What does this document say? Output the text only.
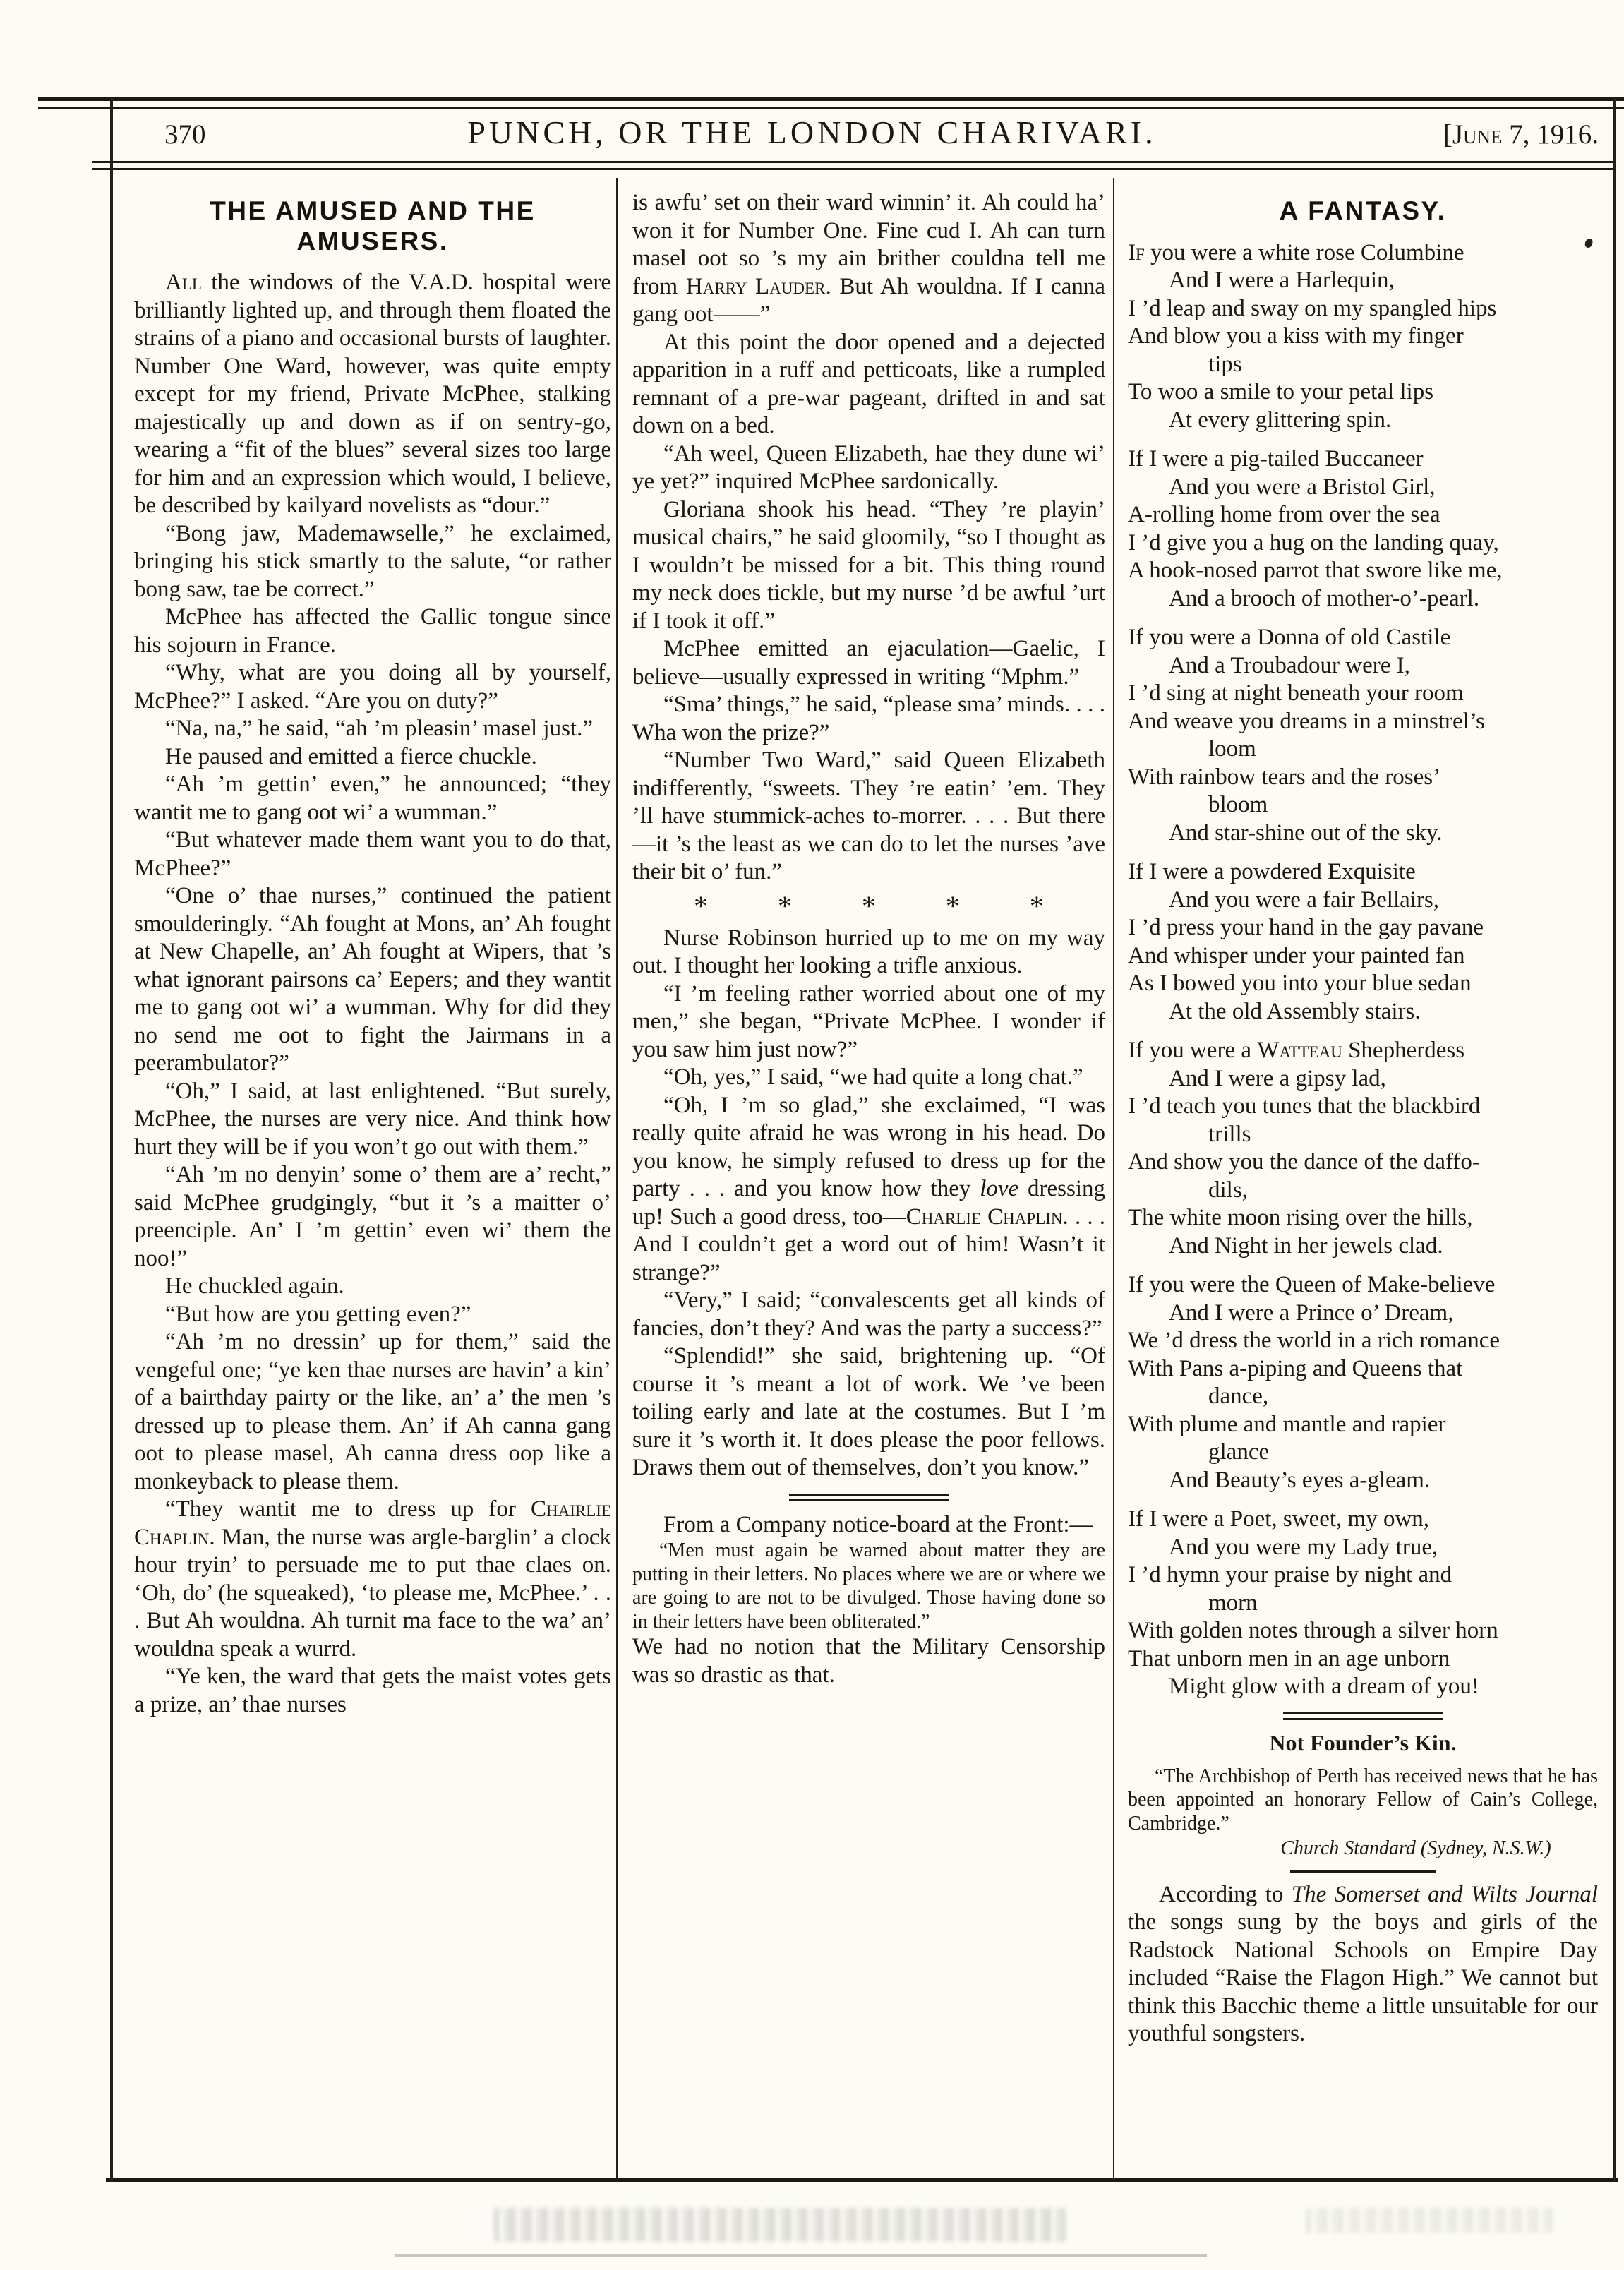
370	PUNCH, OR THE LONDON CHARIVARI.	[June 7, 1916.
THE AMUSED AND THE AMUSERS.

All the windows of the V.A.D. hospital were brilliantly lighted up, and through them floated the strains of a piano and occasional bursts of laughter. Number One Ward, however, was quite empty except for my friend, Private McPhee, stalking majestically up and down as if on sentry-go, wearing a “fit of the blues” several sizes too large for him and an expression which would, I believe, be described by kailyard novelists as “dour.”

“Bong jaw, Mademawselle,” he exclaimed, bringing his stick smartly to the salute, “or rather bong saw, tae be correct.”

McPhee has affected the Gallic tongue since his sojourn in France.

“Why, what are you doing all by yourself, McPhee?” I asked. “Are you on duty?”

“Na, na,” he said, “ah ’m pleasin’ masel just.”

He paused and emitted a fierce chuckle.

“Ah ’m gettin’ even,” he announced; “they wantit me to gang oot wi’ a wumman.”

“But whatever made them want you to do that, McPhee?”

“One o’ thae nurses,” continued the patient smoulderingly. “Ah fought at Mons, an’ Ah fought at New Chapelle, an’ Ah fought at Wipers, that ’s what ignorant pairsons ca’ Eepers; and they wantit me to gang oot wi’ a wumman. Why for did they no send me oot to fight the Jairmans in a peerambulator?”

“Oh,” I said, at last enlightened. “But surely, McPhee, the nurses are very nice. And think how hurt they will be if you won’t go out with them.”

“Ah ’m no denyin’ some o’ them are a’ recht,” said McPhee grudgingly, “but it ’s a maitter o’ preenciple. An’ I ’m gettin’ even wi’ them the noo!”

He chuckled again.

“But how are you getting even?”

“Ah ’m no dressin’ up for them,” said the vengeful one; “ye ken thae nurses are havin’ a kin’ of a bairthday pairty or the like, an’ a’ the men ’s dressed up to please them. An’ if Ah canna gang oot to please masel, Ah canna dress oop like a monkeyback to please them.

“They wantit me to dress up for Chairlie Chaplin. Man, the nurse was argle-barglin’ a clock hour tryin’ to persuade me to put thae claes on. ‘Oh, do’ (he squeaked), ‘to please me, McPhee.’ . . . But Ah wouldna. Ah turnit ma face to the wa’ an’ wouldna speak a wurrd.

“Ye ken, the ward that gets the maist votes gets a prize, an’ thae nurses

is awfu’ set on their ward winnin’ it. Ah could ha’ won it for Number One. Fine cud I. Ah can turn masel oot so ’s my ain brither couldna tell me from Harry Lauder. But Ah wouldna. If I canna gang oot——”

At this point the door opened and a dejected apparition in a ruff and petticoats, like a rumpled remnant of a pre-war pageant, drifted in and sat down on a bed.

“Ah weel, Queen Elizabeth, hae they dune wi’ ye yet?” inquired McPhee sardonically.

Gloriana shook his head. “They ’re playin’ musical chairs,” he said gloomily, “so I thought as I wouldn’t be missed for a bit. This thing round my neck does tickle, but my nurse ’d be awful ’urt if I took it off.”

McPhee emitted an ejaculation—Gaelic, I believe—usually expressed in writing “Mphm.”

“Sma’ things,” he said, “please sma’ minds. . . . Wha won the prize?”

“Number Two Ward,” said Queen Elizabeth indifferently, “sweets. They ’re eatin’ ’em. They ’ll have stummick-aches to-morrer. . . . But there—it ’s the least as we can do to let the nurses ’ave their bit o’ fun.”

* * * * *

Nurse Robinson hurried up to me on my way out. I thought her looking a trifle anxious.

“I ’m feeling rather worried about one of my men,” she began, “Private McPhee. I wonder if you saw him just now?”

“Oh, yes,” I said, “we had quite a long chat.”

“Oh, I ’m so glad,” she exclaimed, “I was really quite afraid he was wrong in his head. Do you know, he simply refused to dress up for the party . . . and you know how they love dressing up! Such a good dress, too—Charlie Chaplin. . . . And I couldn’t get a word out of him! Wasn’t it strange?”

“Very,” I said; “convalescents get all kinds of fancies, don’t they? And was the party a success?”

“Splendid!” she said, brightening up. “Of course it ’s meant a lot of work. We ’ve been toiling early and late at the costumes. But I ’m sure it ’s worth it. It does please the poor fellows. Draws them out of themselves, don’t you know.”

From a Company notice-board at the Front:—

“Men must again be warned about matter they are putting in their letters. No places where we are or where we are going to are not to be divulged. Those having done so in their letters have been obliterated.”

We had no notion that the Military Censorship was so drastic as that.

A FANTASY.
If you were a white rose Columbine
And I were a Harlequin,
I ’d leap and sway on my spangled hips
And blow you a kiss with my finger
tips
To woo a smile to your petal lips
At every glittering spin.
If I were a pig-tailed Buccaneer
And you were a Bristol Girl,
A-rolling home from over the sea
I ’d give you a hug on the landing quay,
A hook-nosed parrot that swore like me,
And a brooch of mother-o’-pearl.
If you were a Donna of old Castile
And a Troubadour were I,
I ’d sing at night beneath your room
And weave you dreams in a minstrel’s
loom
With rainbow tears and the roses’
bloom
And star-shine out of the sky.
If I were a powdered Exquisite
And you were a fair Bellairs,
I ’d press your hand in the gay pavane
And whisper under your painted fan
As I bowed you into your blue sedan
At the old Assembly stairs.
If you were a Watteau Shepherdess
And I were a gipsy lad,
I ’d teach you tunes that the blackbird
trills
And show you the dance of the daffo-
dils,
The white moon rising over the hills,
And Night in her jewels clad.
If you were the Queen of Make-believe
And I were a Prince o’ Dream,
We ’d dress the world in a rich romance
With Pans a-piping and Queens that
dance,
With plume and mantle and rapier
glance
And Beauty’s eyes a-gleam.
If I were a Poet, sweet, my own,
And you were my Lady true,
I ’d hymn your praise by night and
morn
With golden notes through a silver horn
That unborn men in an age unborn
Might glow with a dream of you!
Not Founder’s Kin.

“The Archbishop of Perth has received news that he has been appointed an honorary Fellow of Cain’s College, Cambridge.”

Church Standard (Sydney, N.S.W.)

According to The Somerset and Wilts Journal the songs sung by the boys and girls of the Radstock National Schools on Empire Day included “Raise the Flagon High.” We cannot but think this Bacchic theme a little unsuitable for our youthful songsters.
